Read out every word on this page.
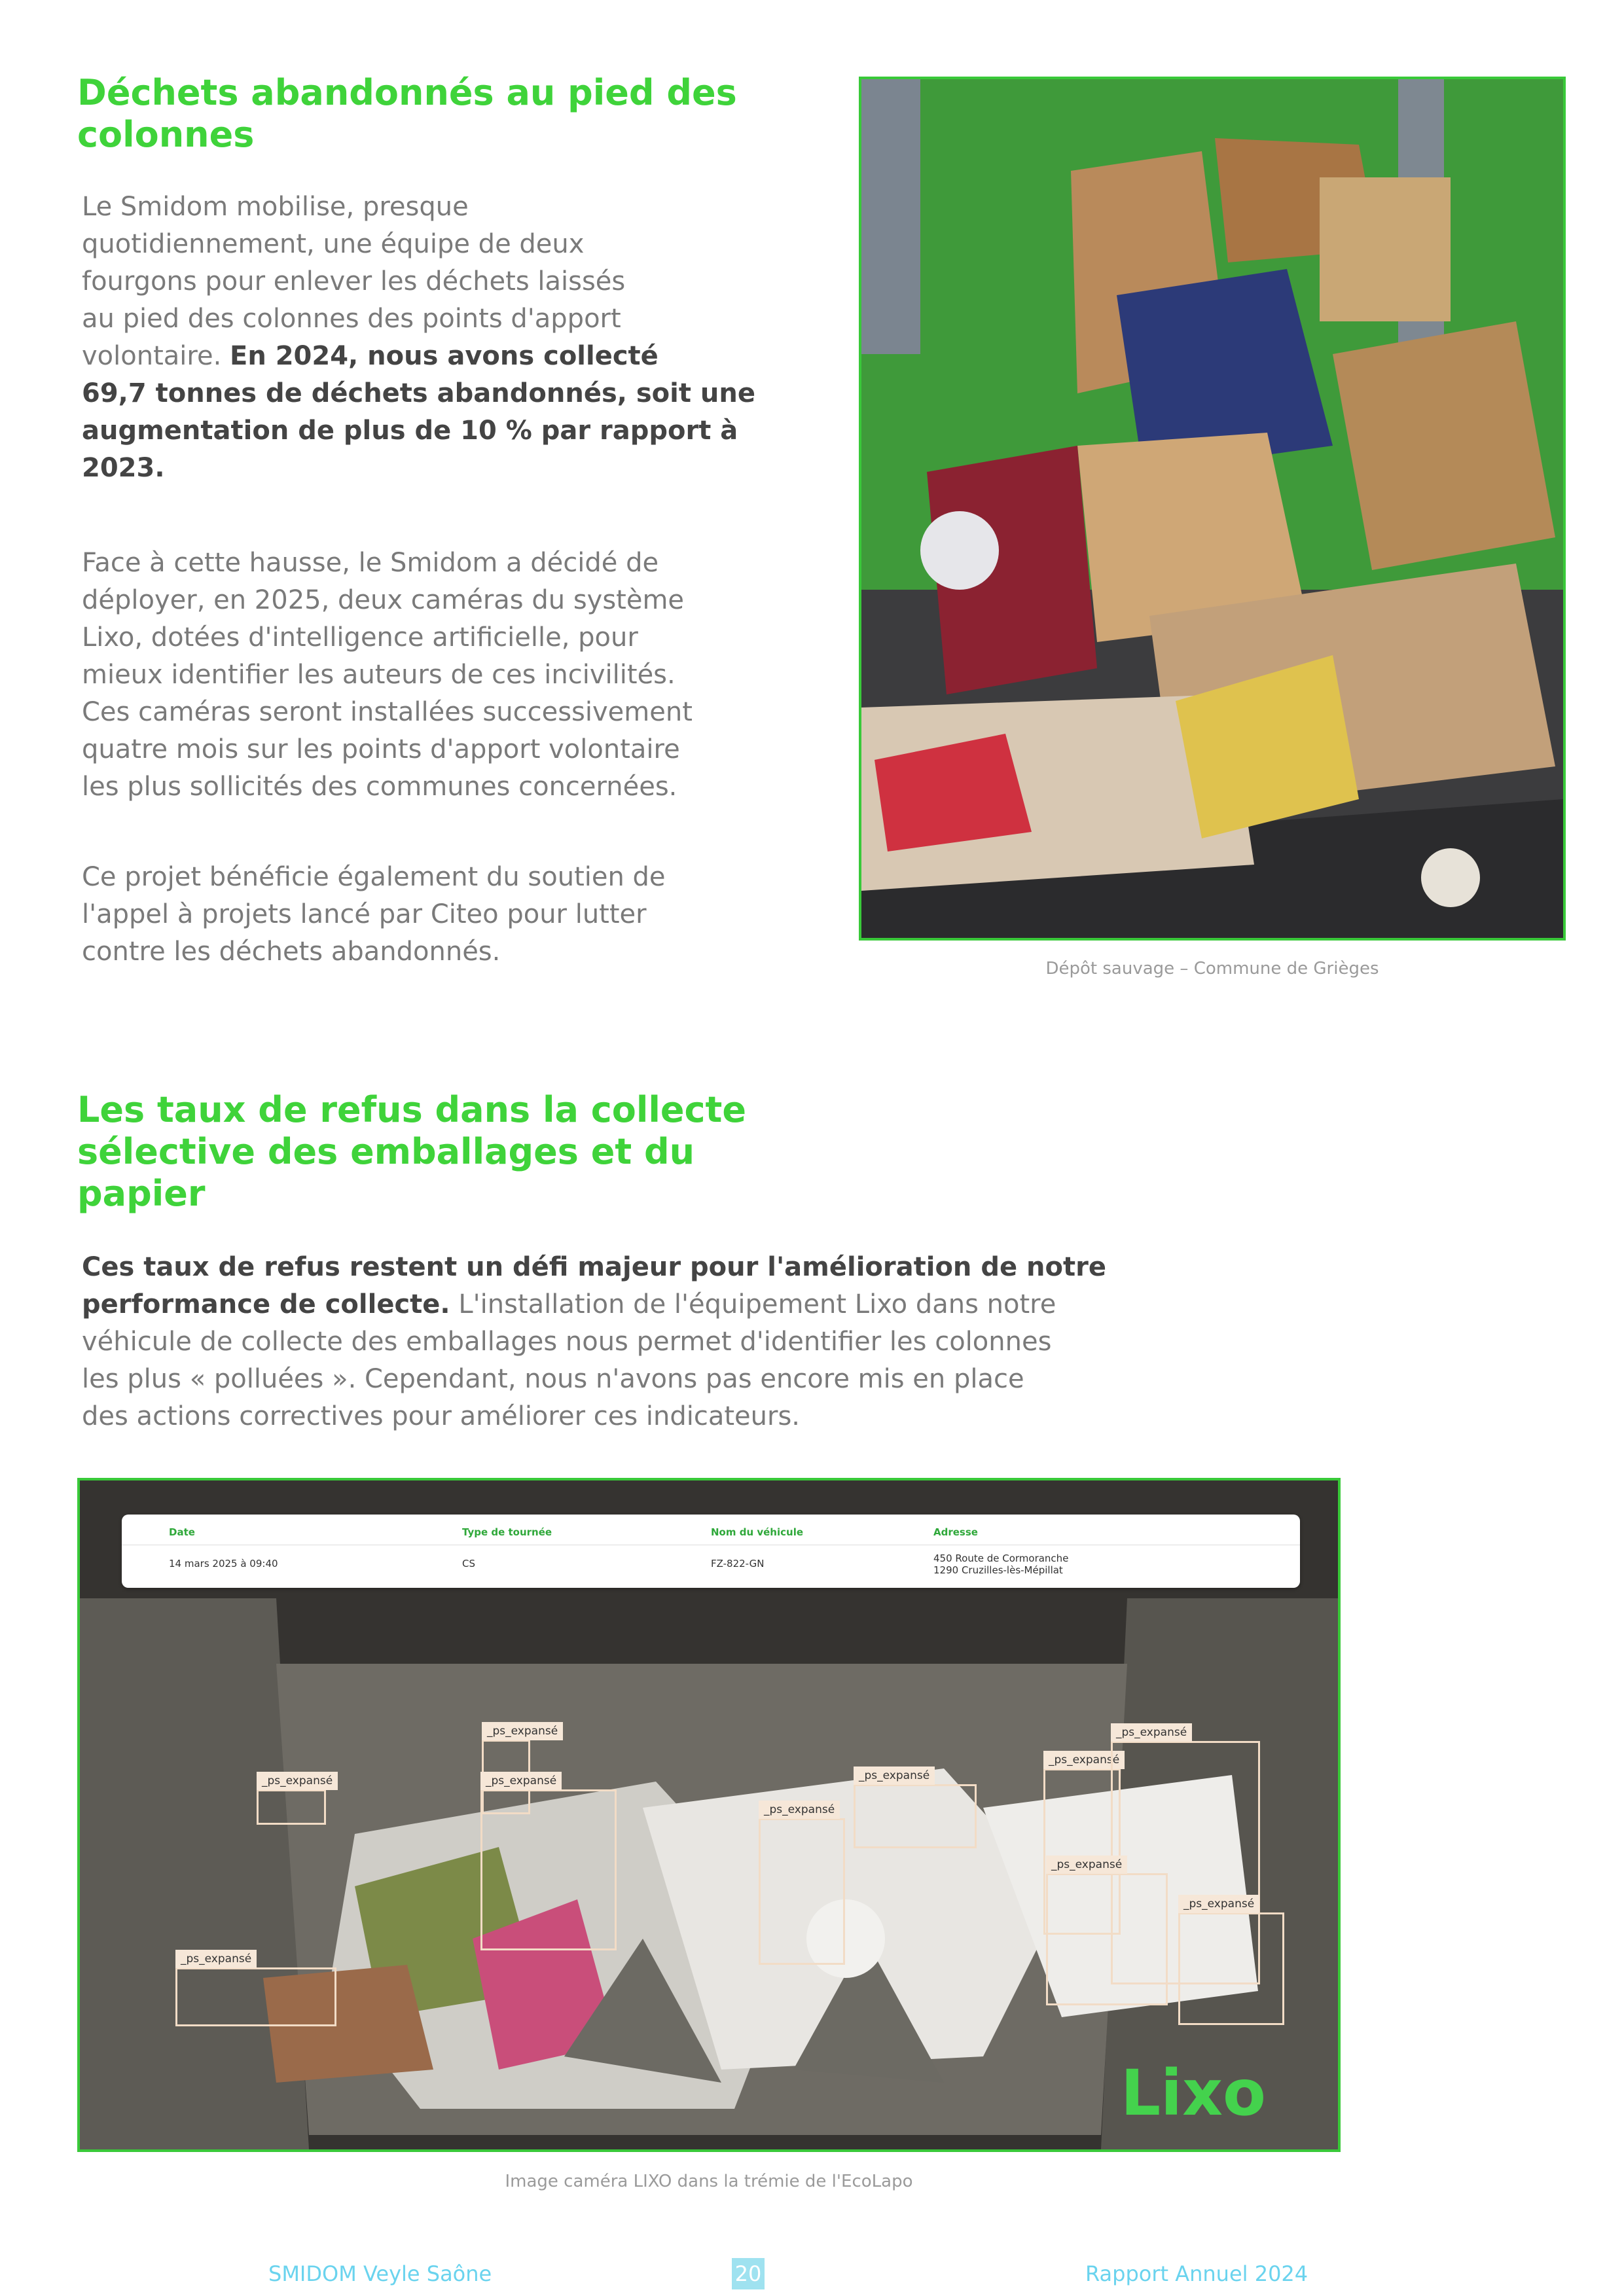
Déchets abandonnés au pied des
colonnes

Le Smidom mobilise, presque
quotidiennement, une équipe de deux
fourgons pour enlever les déchets laissés
au pied des colonnes des points d'apport
volontaire. En 2024, nous avons collecté
69,7 tonnes de déchets abandonnés, soit une
augmentation de plus de 10 % par rapport à
2023.

Face à cette hausse, le Smidom a décidé de
déployer, en 2025, deux caméras du système
Lixo, dotées d'intelligence artificielle, pour
mieux identifier les auteurs de ces incivilités.
Ces caméras seront installées successivement
quatre mois sur les points d'apport volontaire
les plus sollicités des communes concernées.

Ce projet bénéficie également du soutien de
l'appel à projets lancé par Citeo pour lutter
contre les déchets abandonnés.

Dépôt sauvage – Commune de Grièges
Les taux de refus dans la collecte
sélective des emballages et du
papier

Ces taux de refus restent un défi majeur pour l'amélioration de notre
performance de collecte. L'installation de l'équipement Lixo dans notre
véhicule de collecte des emballages nous permet d'identifier les colonnes
les plus « polluées ». Cependant, nous n'avons pas encore mis en place
des actions correctives pour améliorer ces indicateurs.

Date	Type de tournée	Nom du véhicule	Adresse
14 mars 2025 à 09:40	CS	FZ-822-GN	450 Route de Cormoranche
1290 Cruzilles-lès-Mépillat
_ps_expansé
_ps_expansé
_ps_expansé	_ps_expansé
_ps_expansé
_ps_expansé
_ps_expansé
_ps_expansé
_ps_expansé
_ps_expansé
Lixo
Image caméra LIXO dans la trémie de l'EcoLapo
SMIDOM Veyle Saône	20	Rapport Annuel 2024
